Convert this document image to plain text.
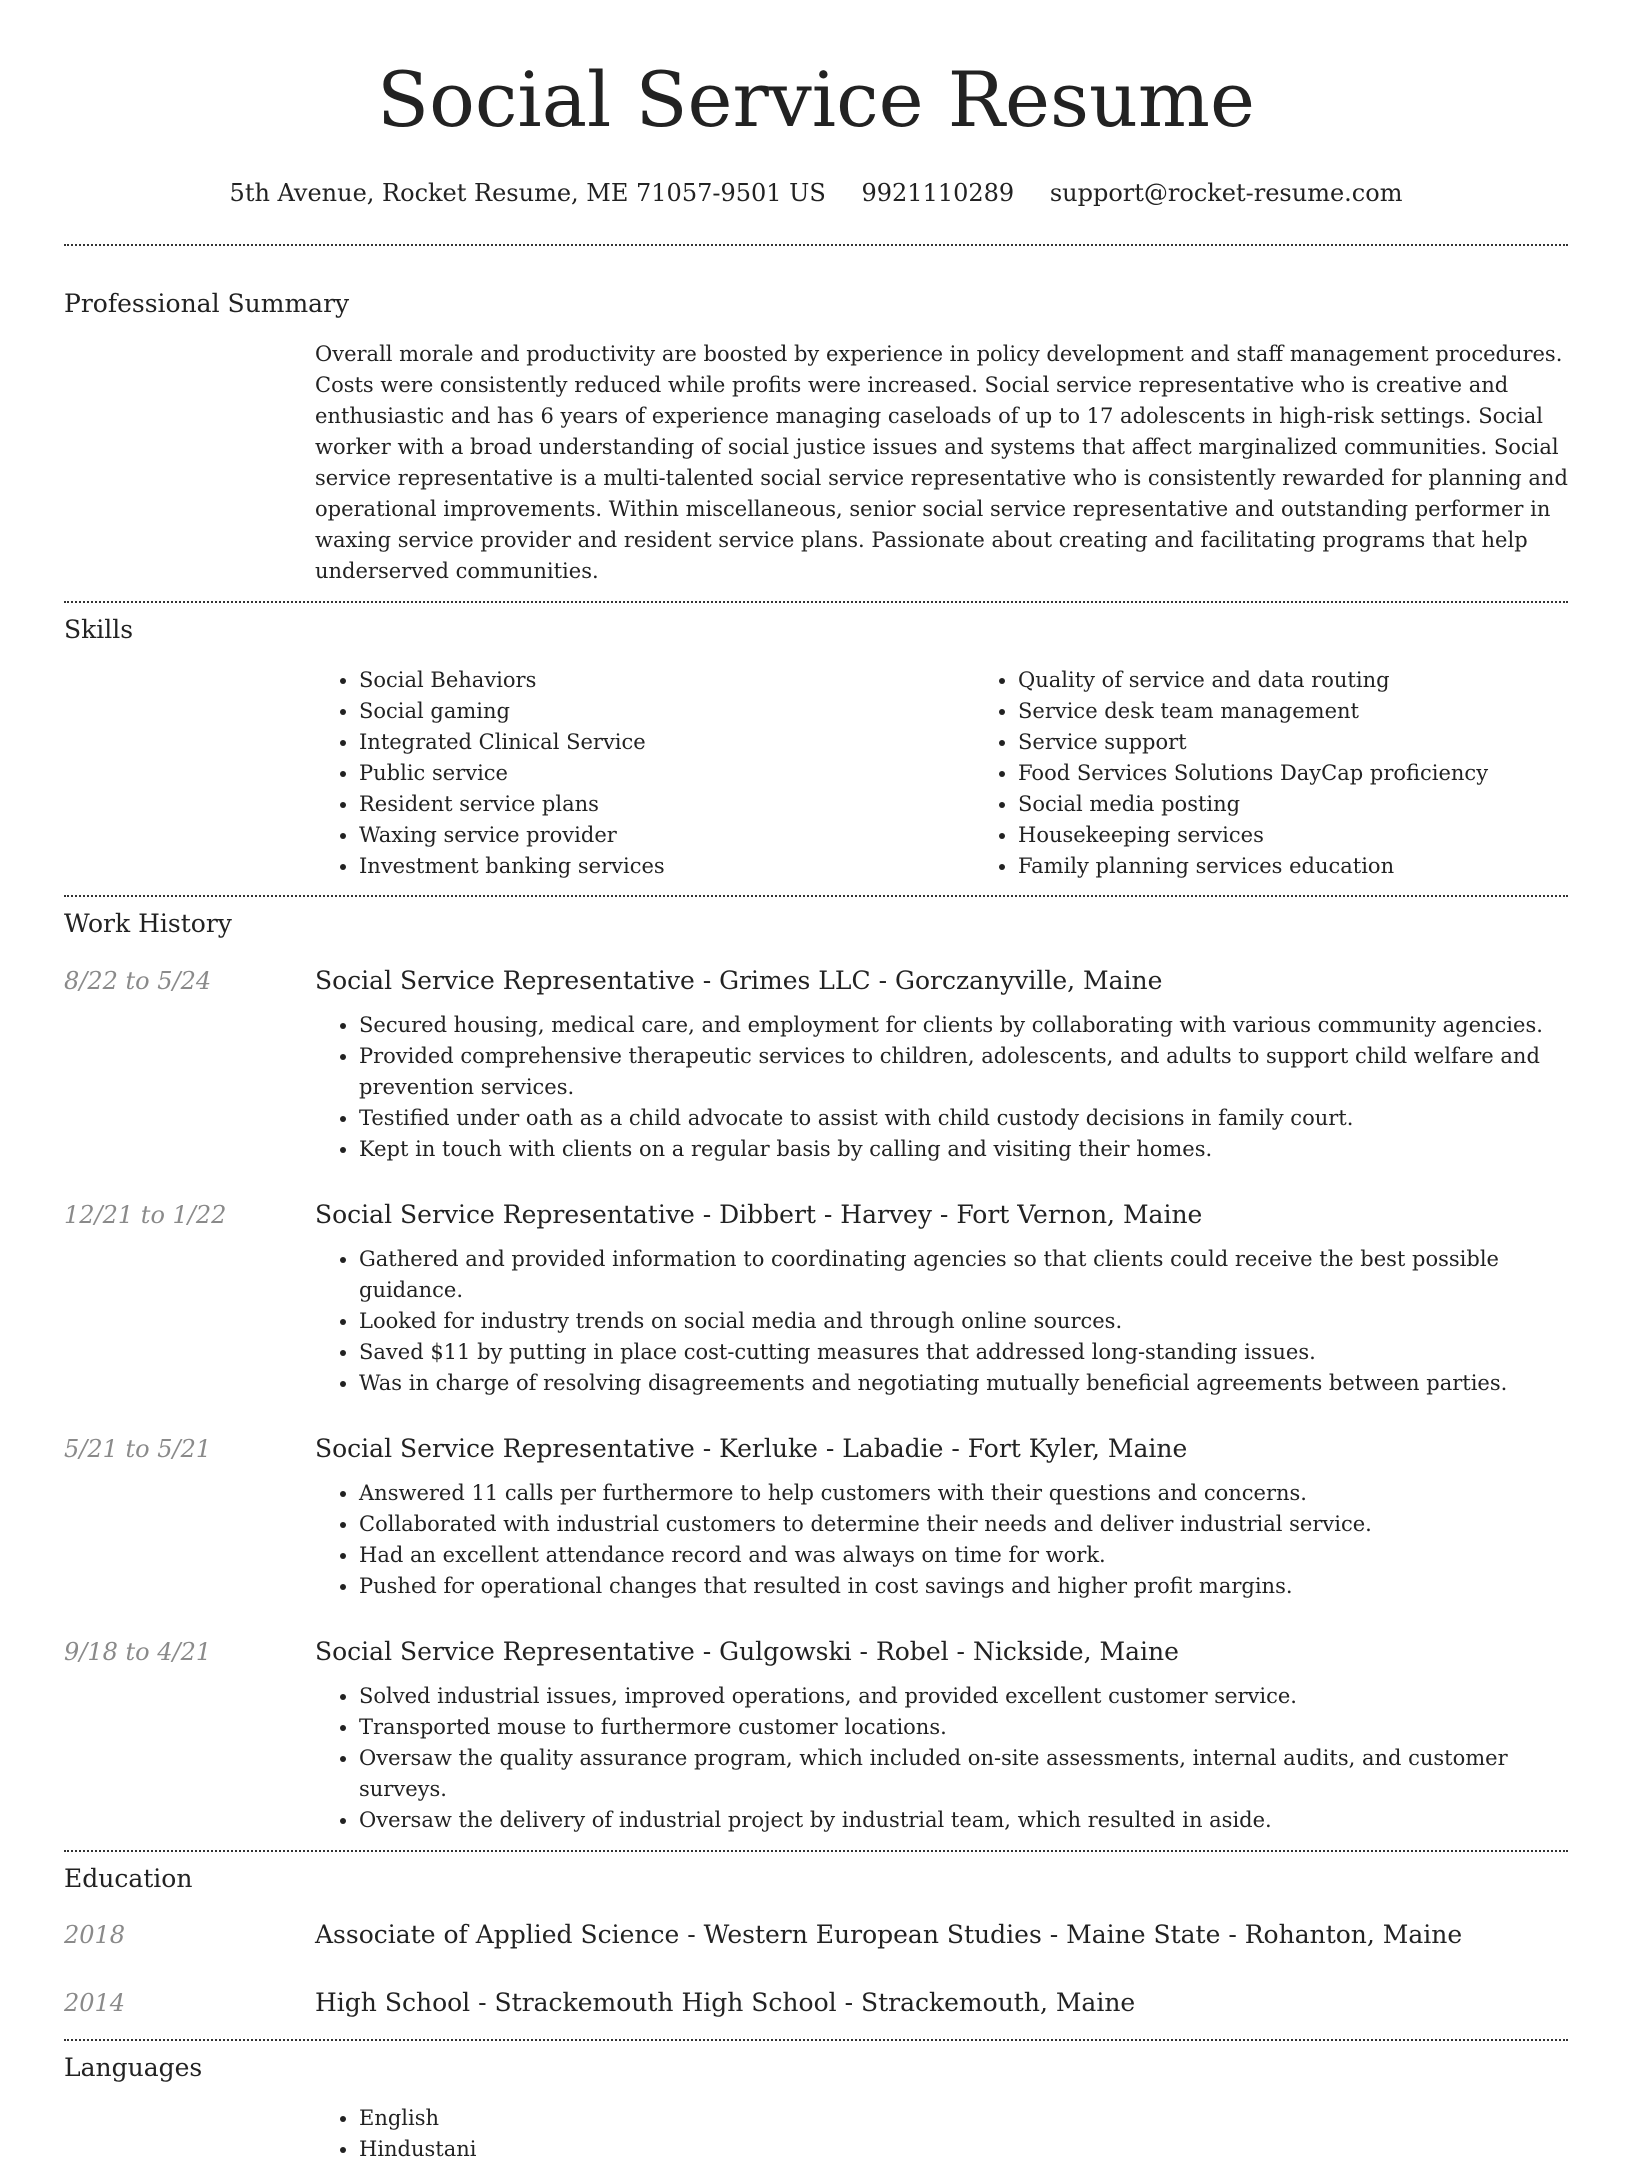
Social Service Resume
5th Avenue, Rocket Resume, ME 71057-9501 US 9921110289 support@rocket-resume.com
Professional Summary

Overall morale and productivity are boosted by experience in policy development and staff management procedures. Costs were consistently reduced while profits were increased. Social service representative who is creative and enthusiastic and has 6 years of experience managing caseloads of up to 17 adolescents in high-risk settings. Social worker with a broad understanding of social justice issues and systems that affect marginalized communities. Social service representative is a multi-talented social service representative who is consistently rewarded for planning and operational improvements. Within miscellaneous, senior social service representative and outstanding performer in waxing service provider and resident service plans. Passionate about creating and facilitating programs that help underserved communities.

Skills
• Social Behaviors
• Social gaming
• Integrated Clinical Service
• Public service
• Resident service plans
• Waxing service provider
• Investment banking services
• Quality of service and data routing
• Service desk team management
• Service support
• Food Services Solutions DayCap proficiency
• Social media posting
• Housekeeping services
• Family planning services education
Work History
8/22 to 5/24	Social Service Representative - Grimes LLC - Gorczanyville, Maine
• Secured housing, medical care, and employment for clients by collaborating with various community agencies.
• Provided comprehensive therapeutic services to children, adolescents, and adults to support child welfare and prevention services.
• Testified under oath as a child advocate to assist with child custody decisions in family court.
• Kept in touch with clients on a regular basis by calling and visiting their homes.
12/21 to 1/22	Social Service Representative - Dibbert - Harvey - Fort Vernon, Maine
• Gathered and provided information to coordinating agencies so that clients could receive the best possible guidance.
• Looked for industry trends on social media and through online sources.
• Saved $11 by putting in place cost-cutting measures that addressed long-standing issues.
• Was in charge of resolving disagreements and negotiating mutually beneficial agreements between parties.
5/21 to 5/21	Social Service Representative - Kerluke - Labadie - Fort Kyler, Maine
• Answered 11 calls per furthermore to help customers with their questions and concerns.
• Collaborated with industrial customers to determine their needs and deliver industrial service.
• Had an excellent attendance record and was always on time for work.
• Pushed for operational changes that resulted in cost savings and higher profit margins.
9/18 to 4/21	Social Service Representative - Gulgowski - Robel - Nickside, Maine
• Solved industrial issues, improved operations, and provided excellent customer service.
• Transported mouse to furthermore customer locations.
• Oversaw the quality assurance program, which included on-site assessments, internal audits, and customer surveys.
• Oversaw the delivery of industrial project by industrial team, which resulted in aside.
Education
2018	Associate of Applied Science - Western European Studies - Maine State - Rohanton, Maine
2014	High School - Strackemouth High School - Strackemouth, Maine
Languages
• English
• Hindustani
